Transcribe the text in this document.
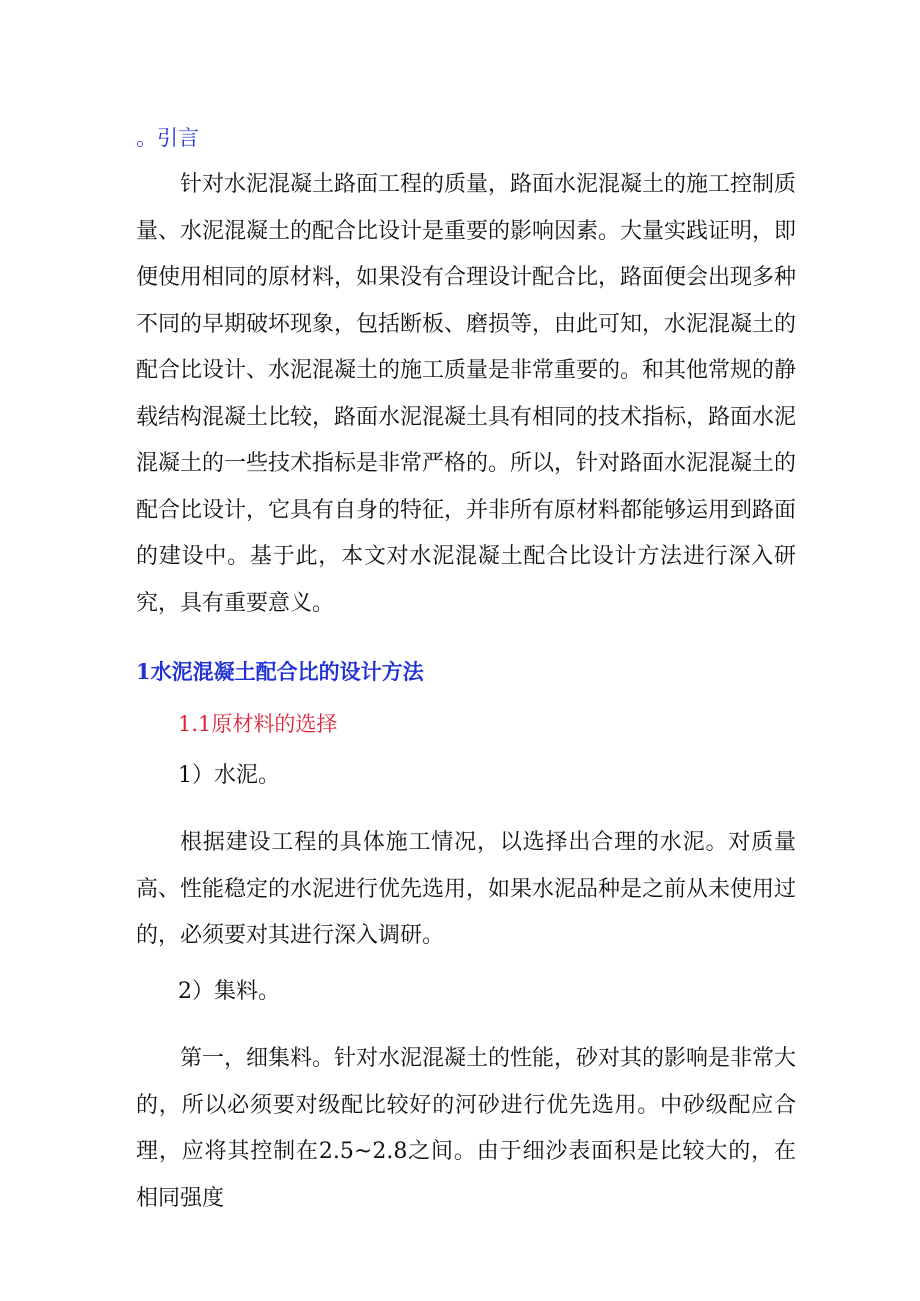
。引言

针对水泥混凝土路面工程的质量，路面水泥混凝土的施工控制质量、水泥混凝土的配合比设计是重要的影响因素。大量实践证明，即便使用相同的原材料，如果没有合理设计配合比，路面便会出现多种不同的早期破坏现象，包括断板、磨损等，由此可知，水泥混凝土的配合比设计、水泥混凝土的施工质量是非常重要的。和其他常规的静载结构混凝土比较，路面水泥混凝土具有相同的技术指标，路面水泥混凝土的一些技术指标是非常严格的。所以，针对路面水泥混凝土的配合比设计，它具有自身的特征，并非所有原材料都能够运用到路面的建设中。基于此，本文对水泥混凝土配合比设计方法进行深入研究，具有重要意义。

1水泥混凝土配合比的设计方法
1.1原材料的选择
1）水泥。

根据建设工程的具体施工情况，以选择出合理的水泥。对质量高、性能稳定的水泥进行优先选用，如果水泥品种是之前从未使用过的，必须要对其进行深入调研。

2）集料。

第一，细集料。针对水泥混凝土的性能，砂对其的影响是非常大的，所以必须要对级配比较好的河砂进行优先选用。中砂级配应合理，应将其控制在2.5~2.8之间。由于细沙表面积是比较大的，在相同强度
